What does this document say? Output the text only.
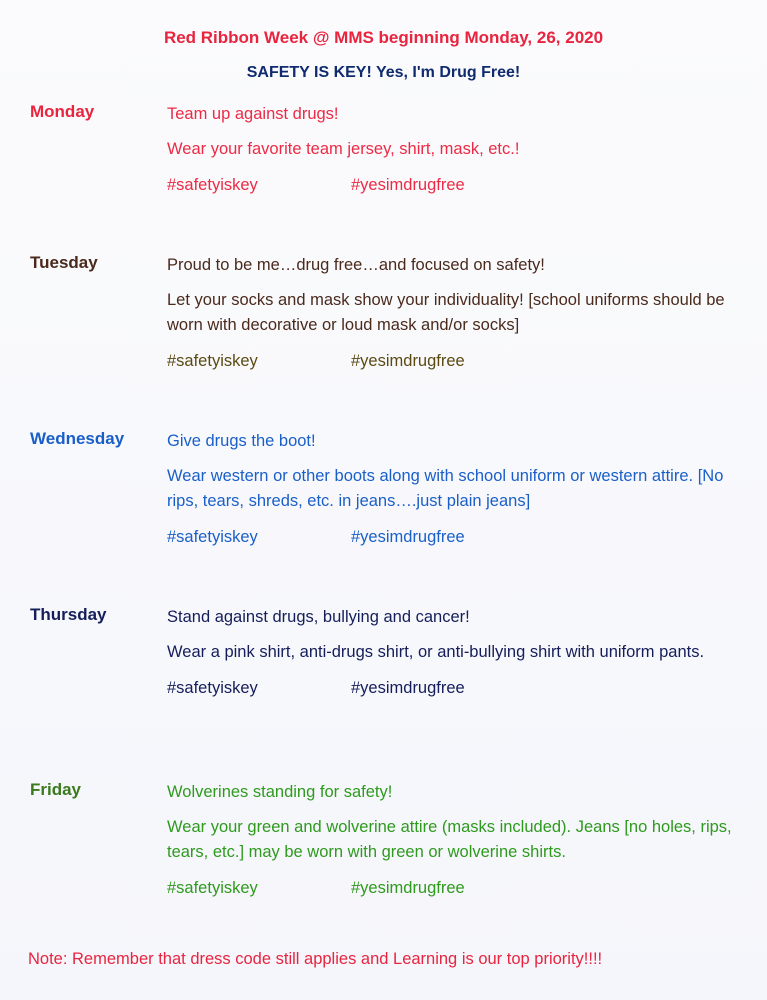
Red Ribbon Week @ MMS beginning Monday, 26, 2020
SAFETY IS KEY! Yes, I'm Drug Free!
Monday	Team up against drugs!
Wear your favorite team jersey, shirt, mask, etc.!
#safetyiskey	#yesimdrugfree
Tuesday	Proud to be me…drug free…and focused on safety!
Let your socks and mask show your individuality! [school uniforms should be worn with decorative or loud mask and/or socks]
#safetyiskey	#yesimdrugfree
Wednesday	Give drugs the boot!
Wear western or other boots along with school uniform or western attire. [No rips, tears, shreds, etc. in jeans….just plain jeans]
#safetyiskey	#yesimdrugfree
Thursday	Stand against drugs, bullying and cancer!
Wear a pink shirt, anti-drugs shirt, or anti-bullying shirt with uniform pants.
#safetyiskey	#yesimdrugfree
Friday	Wolverines standing for safety!
Wear your green and wolverine attire (masks included). Jeans [no holes, rips, tears, etc.] may be worn with green or wolverine shirts.
#safetyiskey	#yesimdrugfree
Note: Remember that dress code still applies and Learning is our top priority!!!!
